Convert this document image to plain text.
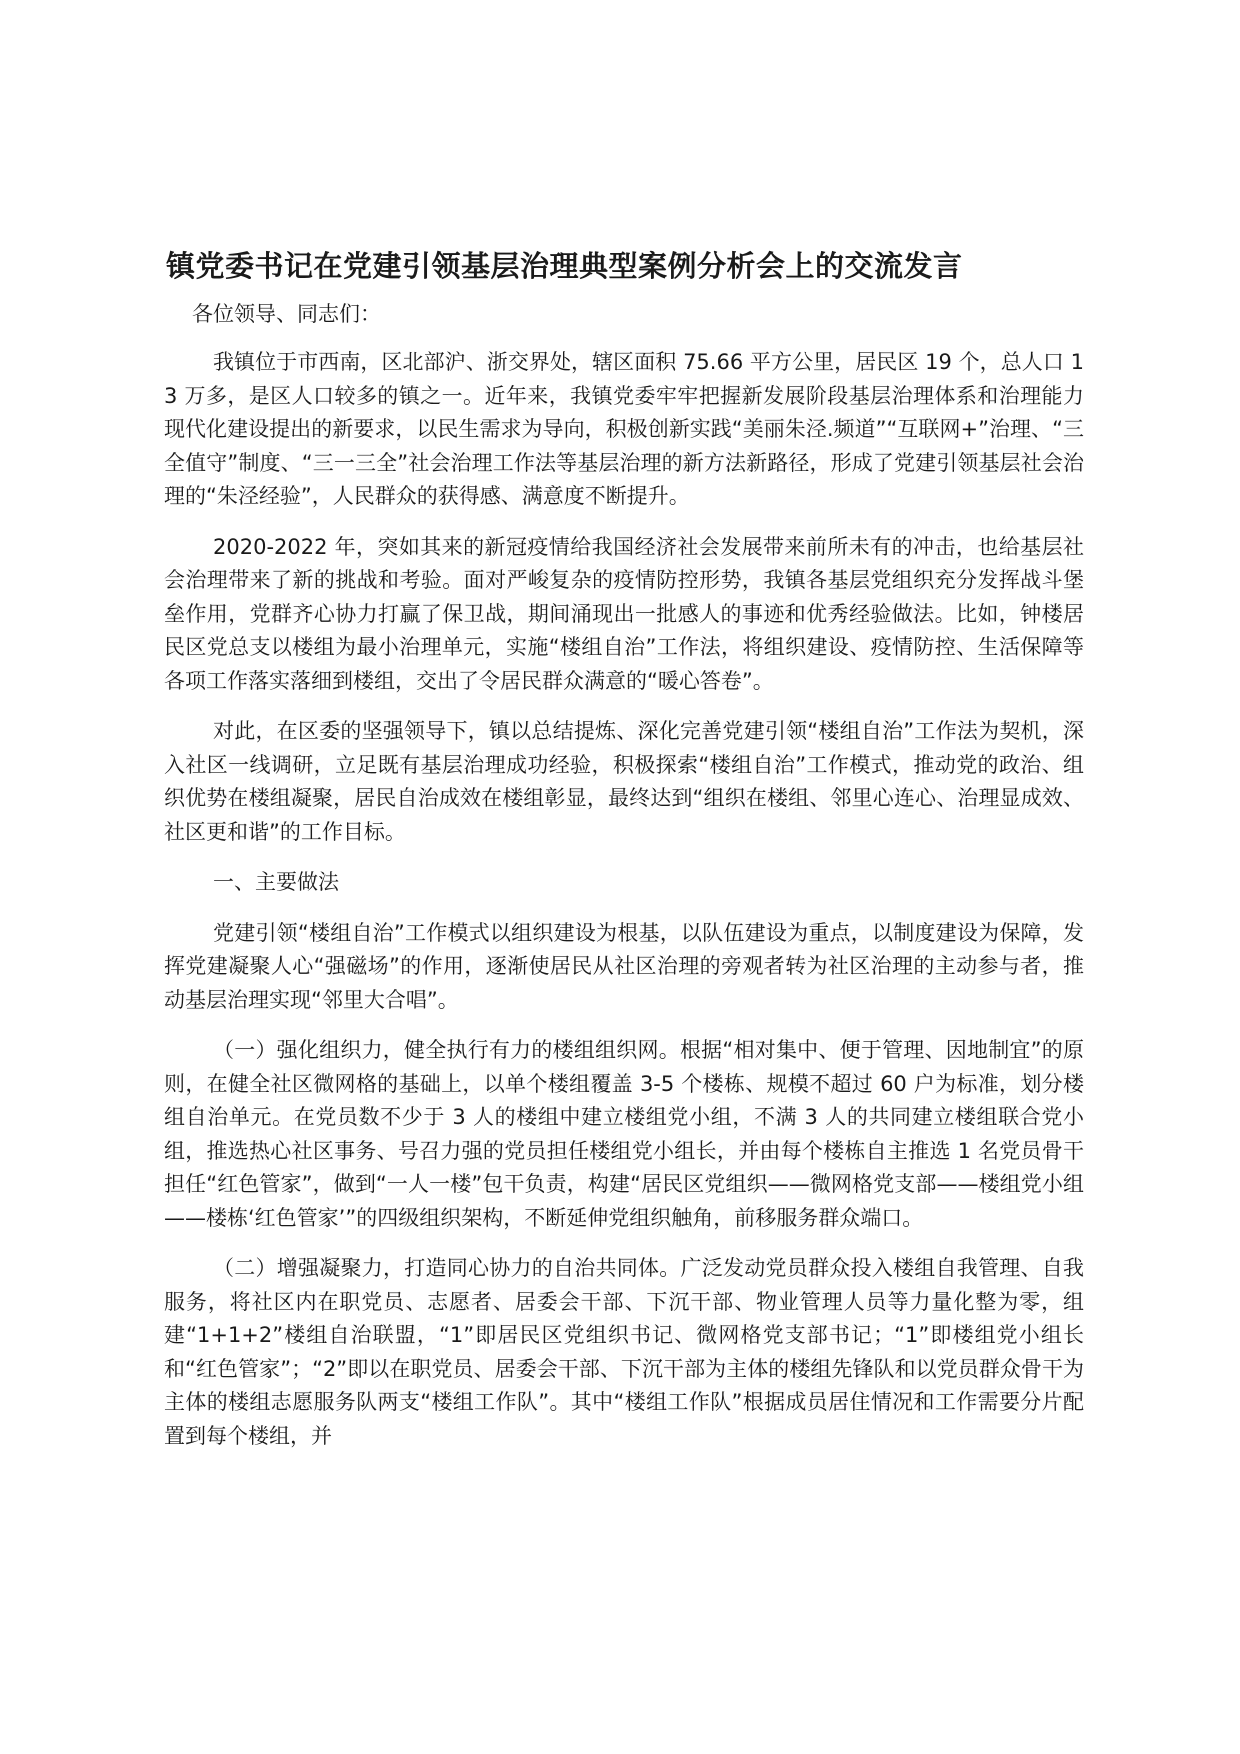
镇党委书记在党建引领基层治理典型案例分析会上的交流发言

各位领导、同志们：

我镇位于市西南，区北部沪、浙交界处，辖区面积 75.66 平方公里，居民区 19 个，总人口 13 万多，是区人口较多的镇之一。近年来，我镇党委牢牢把握新发展阶段基层治理体系和治理能力现代化建设提出的新要求，以民生需求为导向，积极创新实践“美丽朱泾.频道”“互联网+”治理、“三全值守”制度、“三一三全”社会治理工作法等基层治理的新方法新路径，形成了党建引领基层社会治理的“朱泾经验”，人民群众的获得感、满意度不断提升。

2020-2022 年，突如其来的新冠疫情给我国经济社会发展带来前所未有的冲击，也给基层社会治理带来了新的挑战和考验。面对严峻复杂的疫情防控形势，我镇各基层党组织充分发挥战斗堡垒作用，党群齐心协力打赢了保卫战，期间涌现出一批感人的事迹和优秀经验做法。比如，钟楼居民区党总支以楼组为最小治理单元，实施“楼组自治”工作法，将组织建设、疫情防控、生活保障等各项工作落实落细到楼组，交出了令居民群众满意的“暖心答卷”。

对此，在区委的坚强领导下，镇以总结提炼、深化完善党建引领“楼组自治”工作法为契机，深入社区一线调研，立足既有基层治理成功经验，积极探索“楼组自治”工作模式，推动党的政治、组织优势在楼组凝聚，居民自治成效在楼组彰显，最终达到“组织在楼组、邻里心连心、治理显成效、社区更和谐”的工作目标。

一、主要做法

党建引领“楼组自治”工作模式以组织建设为根基，以队伍建设为重点，以制度建设为保障，发挥党建凝聚人心“强磁场”的作用，逐渐使居民从社区治理的旁观者转为社区治理的主动参与者，推动基层治理实现“邻里大合唱”。

（一）强化组织力，健全执行有力的楼组组织网。根据“相对集中、便于管理、因地制宜”的原则，在健全社区微网格的基础上，以单个楼组覆盖 3-5 个楼栋、规模不超过 60 户为标准，划分楼组自治单元。在党员数不少于 3 人的楼组中建立楼组党小组，不满 3 人的共同建立楼组联合党小组，推选热心社区事务、号召力强的党员担任楼组党小组长，并由每个楼栋自主推选 1 名党员骨干担任“红色管家”，做到“一人一楼”包干负责，构建“居民区党组织——微网格党支部——楼组党小组——楼栋‘红色管家’”的四级组织架构，不断延伸党组织触角，前移服务群众端口。

（二）增强凝聚力，打造同心协力的自治共同体。广泛发动党员群众投入楼组自我管理、自我服务，将社区内在职党员、志愿者、居委会干部、下沉干部、物业管理人员等力量化整为零，组建“1+1+2”楼组自治联盟，“1”即居民区党组织书记、微网格党支部书记；“1”即楼组党小组长和“红色管家”；“2”即以在职党员、居委会干部、下沉干部为主体的楼组先锋队和以党员群众骨干为主体的楼组志愿服务队两支“楼组工作队”。其中“楼组工作队”根据成员居住情况和工作需要分片配置到每个楼组，并
